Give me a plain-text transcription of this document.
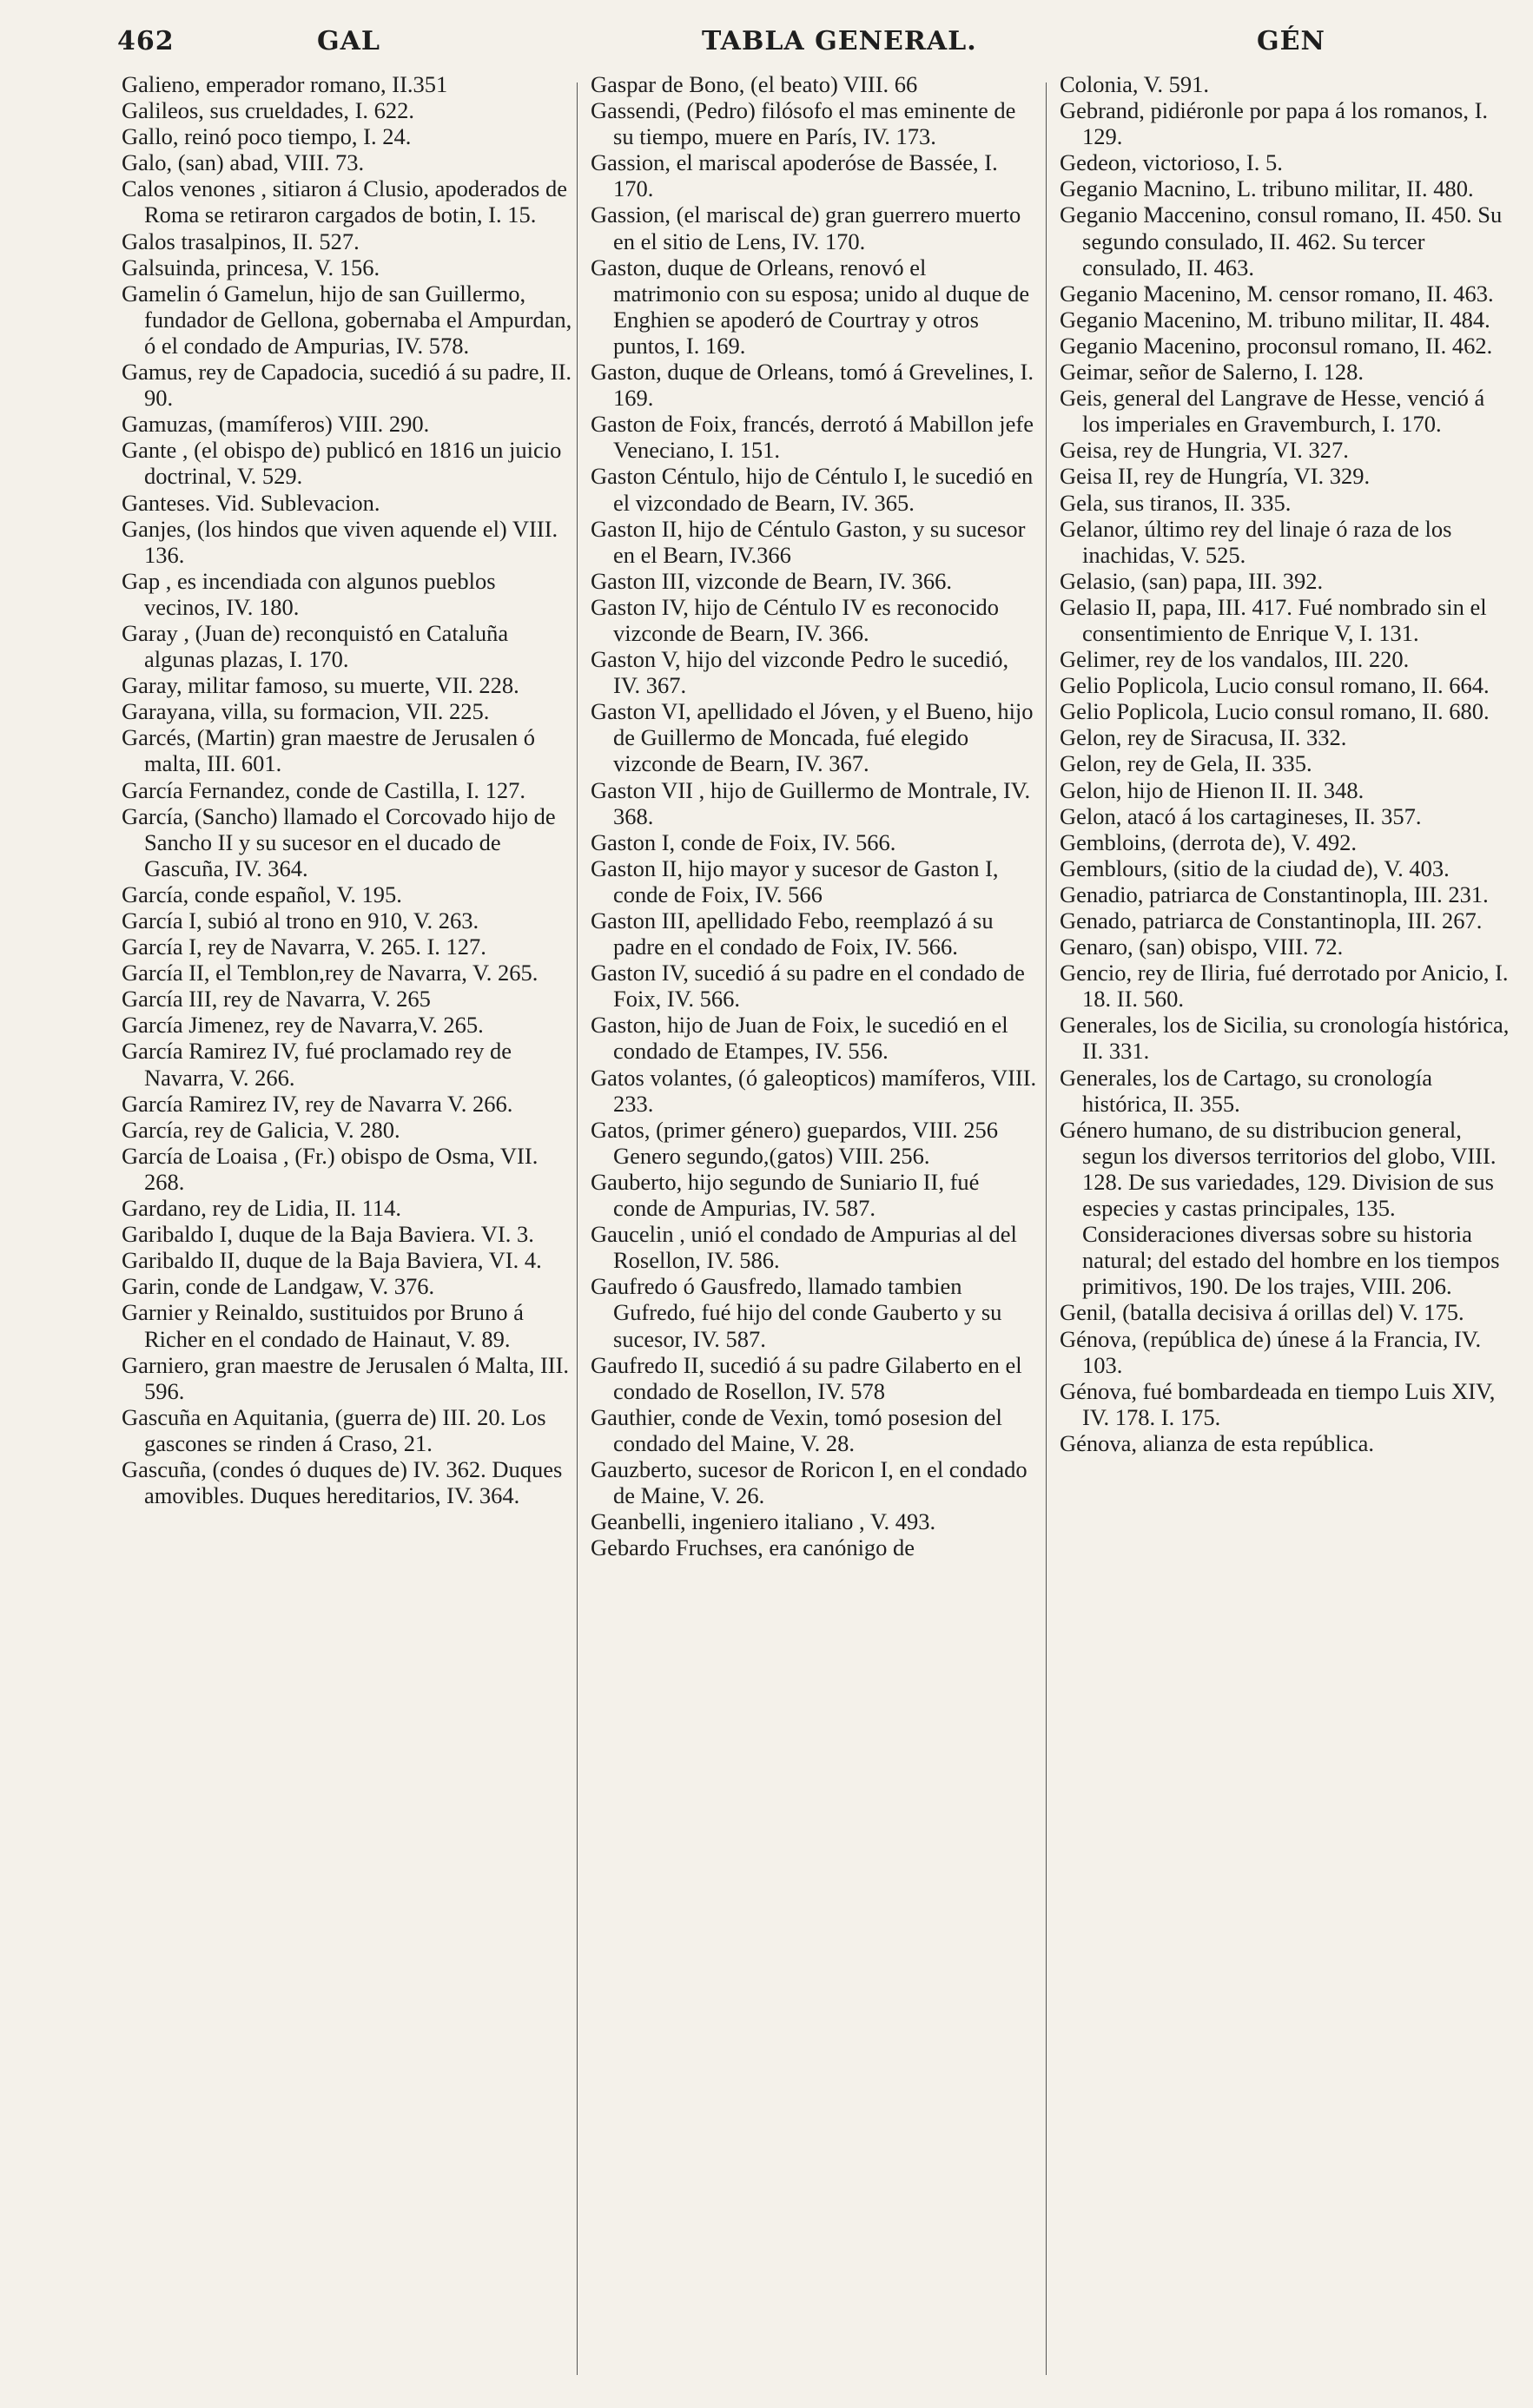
462	GAL	TABLA GENERAL.	GÉN

Galieno, emperador romano, II.351

Galileos, sus crueldades, I. 622.

Gallo, reinó poco tiempo, I. 24.

Galo, (san) abad, VIII. 73.

Calos venones , sitiaron á Clusio, apoderados de Roma se retiraron cargados de botin, I. 15.

Galos trasalpinos, II. 527.

Galsuinda, princesa, V. 156.

Gamelin ó Gamelun, hijo de san Guillermo, fundador de Gellona, gobernaba el Ampurdan, ó el condado de Ampurias, IV. 578.

Gamus, rey de Capadocia, sucedió á su padre, II. 90.

Gamuzas, (mamíferos) VIII. 290.

Gante , (el obispo de) publicó en 1816 un juicio doctrinal, V. 529.

Ganteses. Vid. Sublevacion.

Ganjes, (los hindos que viven aquende el) VIII. 136.

Gap , es incendiada con algunos pueblos vecinos, IV. 180.

Garay , (Juan de) reconquistó en Cataluña algunas plazas, I. 170.

Garay, militar famoso, su muerte, VII. 228.

Garayana, villa, su formacion, VII. 225.

Garcés, (Martin) gran maestre de Jerusalen ó malta, III. 601.

García Fernandez, conde de Castilla, I. 127.

García, (Sancho) llamado el Corcovado hijo de Sancho II y su sucesor en el ducado de Gascuña, IV. 364.

García, conde español, V. 195.

García I, subió al trono en 910, V. 263.

García I, rey de Navarra, V. 265. I. 127.

García II, el Temblon,rey de Navarra, V. 265.

García III, rey de Navarra, V. 265

García Jimenez, rey de Navarra,V. 265.

García Ramirez IV, fué proclamado rey de Navarra, V. 266.

García Ramirez IV, rey de Navarra V. 266.

García, rey de Galicia, V. 280.

García de Loaisa , (Fr.) obispo de Osma, VII. 268.

Gardano, rey de Lidia, II. 114.

Garibaldo I, duque de la Baja Baviera. VI. 3.

Garibaldo II, duque de la Baja Baviera, VI. 4.

Garin, conde de Landgaw, V. 376.

Garnier y Reinaldo, sustituidos por Bruno á Richer en el condado de Hainaut, V. 89.

Garniero, gran maestre de Jerusalen ó Malta, III. 596.

Gascuña en Aquitania, (guerra de) III. 20. Los gascones se rinden á Craso, 21.

Gascuña, (condes ó duques de) IV. 362. Duques amovibles. Duques hereditarios, IV. 364.

Gaspar de Bono, (el beato) VIII. 66

Gassendi, (Pedro) filósofo el mas eminente de su tiempo, muere en París, IV. 173.

Gassion, el mariscal apoderóse de Bassée, I. 170.

Gassion, (el mariscal de) gran guerrero muerto en el sitio de Lens, IV. 170.

Gaston, duque de Orleans, renovó el matrimonio con su esposa; unido al duque de Enghien se apoderó de Courtray y otros puntos, I. 169.

Gaston, duque de Orleans, tomó á Grevelines, I. 169.

Gaston de Foix, francés, derrotó á Mabillon jefe Veneciano, I. 151.

Gaston Céntulo, hijo de Céntulo I, le sucedió en el vizcondado de Bearn, IV. 365.

Gaston II, hijo de Céntulo Gaston, y su sucesor en el Bearn, IV.366

Gaston III, vizconde de Bearn, IV. 366.

Gaston IV, hijo de Céntulo IV es reconocido vizconde de Bearn, IV. 366.

Gaston V, hijo del vizconde Pedro le sucedió, IV. 367.

Gaston VI, apellidado el Jóven, y el Bueno, hijo de Guillermo de Moncada, fué elegido vizconde de Bearn, IV. 367.

Gaston VII , hijo de Guillermo de Montrale, IV. 368.

Gaston I, conde de Foix, IV. 566.

Gaston II, hijo mayor y sucesor de Gaston I, conde de Foix, IV. 566

Gaston III, apellidado Febo, reemplazó á su padre en el condado de Foix, IV. 566.

Gaston IV, sucedió á su padre en el condado de Foix, IV. 566.

Gaston, hijo de Juan de Foix, le sucedió en el condado de Etampes, IV. 556.

Gatos volantes, (ó galeopticos) mamíferos, VIII. 233.

Gatos, (primer género) guepardos, VIII. 256 Genero segundo,(gatos) VIII. 256.

Gauberto, hijo segundo de Suniario II, fué conde de Ampurias, IV. 587.

Gaucelin , unió el condado de Ampurias al del Rosellon, IV. 586.

Gaufredo ó Gausfredo, llamado tambien Gufredo, fué hijo del conde Gauberto y su sucesor, IV. 587.

Gaufredo II, sucedió á su padre Gilaberto en el condado de Rosellon, IV. 578

Gauthier, conde de Vexin, tomó posesion del condado del Maine, V. 28.

Gauzberto, sucesor de Roricon I, en el condado de Maine, V. 26.

Geanbelli, ingeniero italiano , V. 493.

Gebardo Fruchses, era canónigo de

Colonia, V. 591.

Gebrand, pidiéronle por papa á los romanos, I. 129.

Gedeon, victorioso, I. 5.

Geganio Macnino, L. tribuno militar, II. 480.

Geganio Maccenino, consul romano, II. 450. Su segundo consulado, II. 462. Su tercer consulado, II. 463.

Geganio Macenino, M. censor romano, II. 463.

Geganio Macenino, M. tribuno militar, II. 484.

Geganio Macenino, proconsul romano, II. 462.

Geimar, señor de Salerno, I. 128.

Geis, general del Langrave de Hesse, venció á los imperiales en Gravemburch, I. 170.

Geisa, rey de Hungria, VI. 327.

Geisa II, rey de Hungría, VI. 329.

Gela, sus tiranos, II. 335.

Gelanor, último rey del linaje ó raza de los inachidas, V. 525.

Gelasio, (san) papa, III. 392.

Gelasio II, papa, III. 417. Fué nombrado sin el consentimiento de Enrique V, I. 131.

Gelimer, rey de los vandalos, III. 220.

Gelio Poplicola, Lucio consul romano, II. 664.

Gelio Poplicola, Lucio consul romano, II. 680.

Gelon, rey de Siracusa, II. 332.

Gelon, rey de Gela, II. 335.

Gelon, hijo de Hienon II. II. 348.

Gelon, atacó á los cartagineses, II. 357.

Gembloins, (derrota de), V. 492.

Gemblours, (sitio de la ciudad de), V. 403.

Genadio, patriarca de Constantinopla, III. 231.

Genado, patriarca de Constantinopla, III. 267.

Genaro, (san) obispo, VIII. 72.

Gencio, rey de Iliria, fué derrotado por Anicio, I. 18. II. 560.

Generales, los de Sicilia, su cronología histórica, II. 331.

Generales, los de Cartago, su cronología histórica, II. 355.

Género humano, de su distribucion general, segun los diversos territorios del globo, VIII. 128. De sus variedades, 129. Division de sus especies y castas principales, 135. Consideraciones diversas sobre su historia natural; del estado del hombre en los tiempos primitivos, 190. De los trajes, VIII. 206.

Genil, (batalla decisiva á orillas del) V. 175.

Génova, (república de) únese á la Francia, IV. 103.

Génova, fué bombardeada en tiempo Luis XIV, IV. 178. I. 175.

Génova, alianza de esta república.
